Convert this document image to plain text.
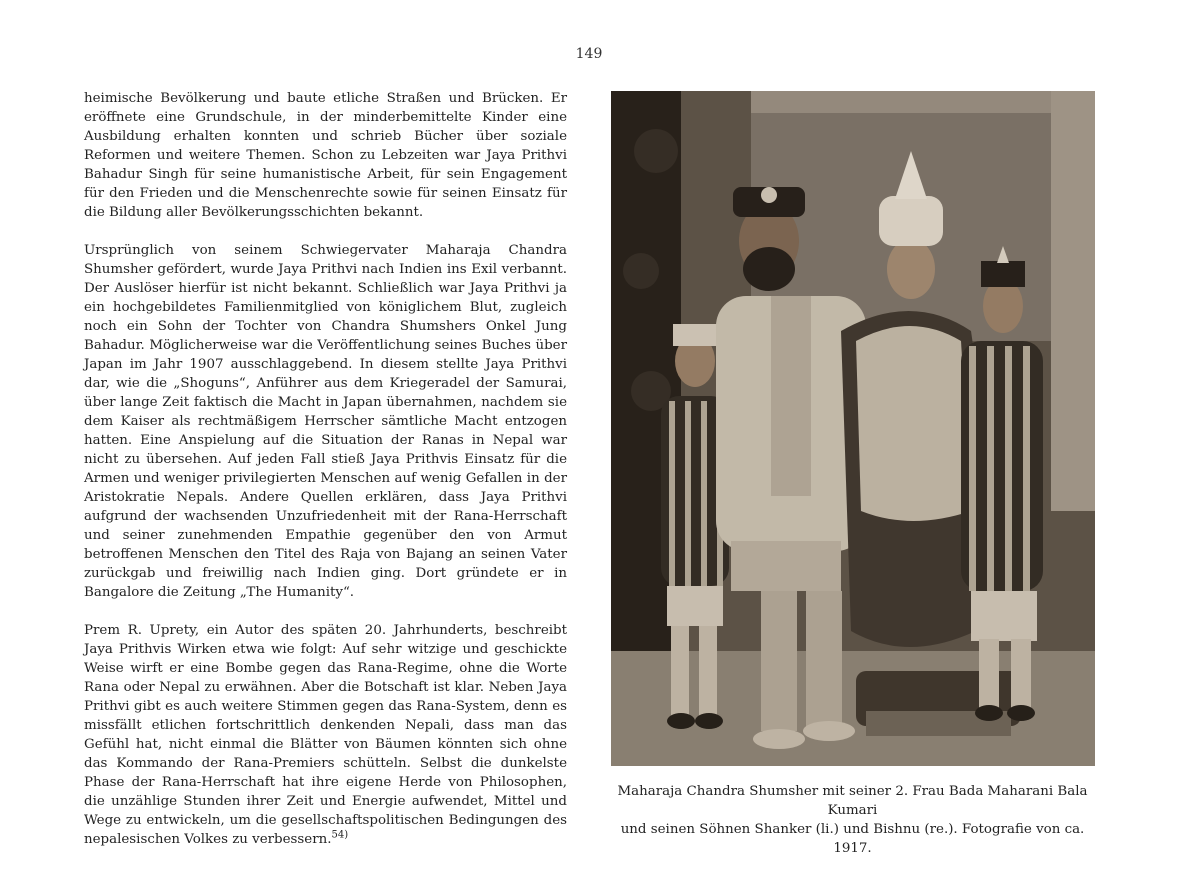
149

heimische Bevölkerung und baute etliche Straßen und Brücken. Er eröffnete eine Grundschule, in der minderbemittelte Kinder eine Ausbildung erhalten konnten und schrieb Bücher über soziale Reformen und weitere Themen. Schon zu Lebzeiten war Jaya Prithvi Bahadur Singh für seine humanistische Arbeit, für sein Engagement für den Frieden und die Menschenrechte sowie für seinen Einsatz für die Bildung aller Bevölkerungsschichten bekannt.

Ursprünglich von seinem Schwiegervater Maharaja Chandra Shumsher gefördert, wurde Jaya Prithvi nach Indien ins Exil verbannt. Der Auslöser hierfür ist nicht bekannt. Schließlich war Jaya Prithvi ja ein hochgebildetes Familienmitglied von königlichem Blut, zugleich noch ein Sohn der Tochter von Chandra Shumshers Onkel Jung Bahadur. Möglicherweise war die Veröffentlichung seines Buches über Japan im Jahr 1907 ausschlaggebend. In diesem stellte Jaya Prithvi dar, wie die „Shoguns“, Anführer aus dem Kriegeradel der Samurai, über lange Zeit faktisch die Macht in Japan übernahmen, nachdem sie dem Kaiser als rechtmäßigem Herrscher sämtliche Macht entzogen hatten. Eine Anspielung auf die Situation der Ranas in Nepal war nicht zu übersehen. Auf jeden Fall stieß Jaya Prithvis Einsatz für die Armen und weniger privilegierten Menschen auf wenig Gefallen in der Aristokratie Nepals. Andere Quellen erklären, dass Jaya Prithvi aufgrund der wachsenden Unzufriedenheit mit der Rana-Herrschaft und seiner zunehmenden Empathie gegenüber den von Armut betroffenen Menschen den Titel des Raja von Bajang an seinen Vater zurückgab und freiwillig nach Indien ging. Dort gründete er in Bangalore die Zeitung „The Humanity“.

Prem R. Uprety, ein Autor des späten 20. Jahrhunderts, beschreibt Jaya Prithvis Wirken etwa wie folgt: Auf sehr witzige und geschickte Weise wirft er eine Bombe gegen das Rana-Regime, ohne die Worte Rana oder Nepal zu erwähnen. Aber die Botschaft ist klar. Neben Jaya Prithvi gibt es auch weitere Stimmen gegen das Rana-System, denn es missfällt etlichen fortschrittlich denkenden Nepali, dass man das Gefühl hat, nicht einmal die Blätter von Bäumen könnten sich ohne das Kommando der Rana-Premiers schütteln. Selbst die dunkelste Phase der Rana-Herrschaft hat ihre eigene Herde von Philosophen, die unzählige Stunden ihrer Zeit und Energie aufwendet, Mittel und Wege zu entwickeln, um die gesellschaftspolitischen Bedingungen des nepalesischen Volkes zu verbessern.$^{54)}$

Maharaja Chandra Shumsher mit seiner 2. Frau Bada Maharani Bala Kumari
und seinen Söhnen Shanker (li.) und Bishnu (re.). Fotografie von ca. 1917.
